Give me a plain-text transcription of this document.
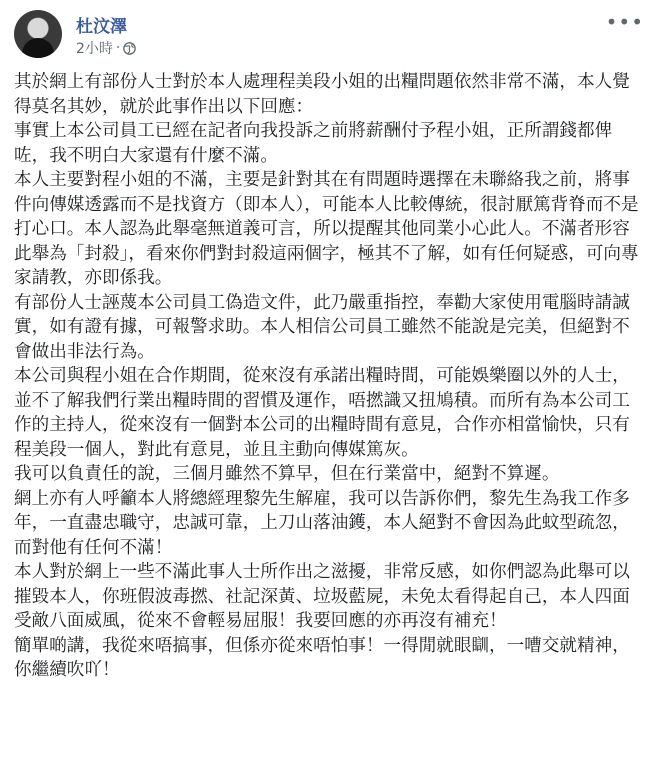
杜汶澤
2小時 ·
•••

其於網上有部份人士對於本人處理程美段小姐的出糧問題依然非常不滿，本人覺得莫名其妙，就於此事作出以下回應：

事實上本公司員工已經在記者向我投訴之前將薪酬付予程小姐，正所謂錢都俾咗，我不明白大家還有什麼不滿。

本人主要對程小姐的不滿，主要是針對其在有問題時選擇在未聯絡我之前，將事件向傳媒透露而不是找資方（即本人），可能本人比較傳統，很討厭篤背脊而不是打心口。本人認為此舉毫無道義可言，所以提醒其他同業小心此人。不滿者形容此舉為「封殺」，看來你們對封殺這兩個字，極其不了解，如有任何疑惑，可向專家請教，亦即係我。

有部份人士誣蔑本公司員工偽造文件，此乃嚴重指控，奉勸大家使用電腦時請誠實，如有證有據，可報警求助。本人相信公司員工雖然不能說是完美，但絕對不會做出非法行為。

本公司與程小姐在合作期間，從來沒有承諾出糧時間，可能娛樂圈以外的人士，並不了解我們行業出糧時間的習慣及運作，唔撚識又扭鳩積。而所有為本公司工作的主持人，從來沒有一個對本公司的出糧時間有意見，合作亦相當愉快，只有程美段一個人，對此有意見，並且主動向傳媒篤灰。

我可以負責任的說，三個月雖然不算早，但在行業當中，絕對不算遲。

網上亦有人呼籲本人將總經理黎先生解雇，我可以告訴你們，黎先生為我工作多年，一直盡忠職守，忠誠可靠，上刀山落油鑊，本人絕對不會因為此蚊型疏忽，而對他有任何不滿！

本人對於網上一些不滿此事人士所作出之滋擾，非常反感，如你們認為此舉可以摧毀本人，你班假波毒撚、社記深黃、垃圾藍屍，未免太看得起自己，本人四面受敵八面威風，從來不會輕易屈服！我要回應的亦再沒有補充！

簡單啲講，我從來唔搞事，但係亦從來唔怕事！一得閒就眼瞓，一嘈交就精神，你繼續吹吖！
